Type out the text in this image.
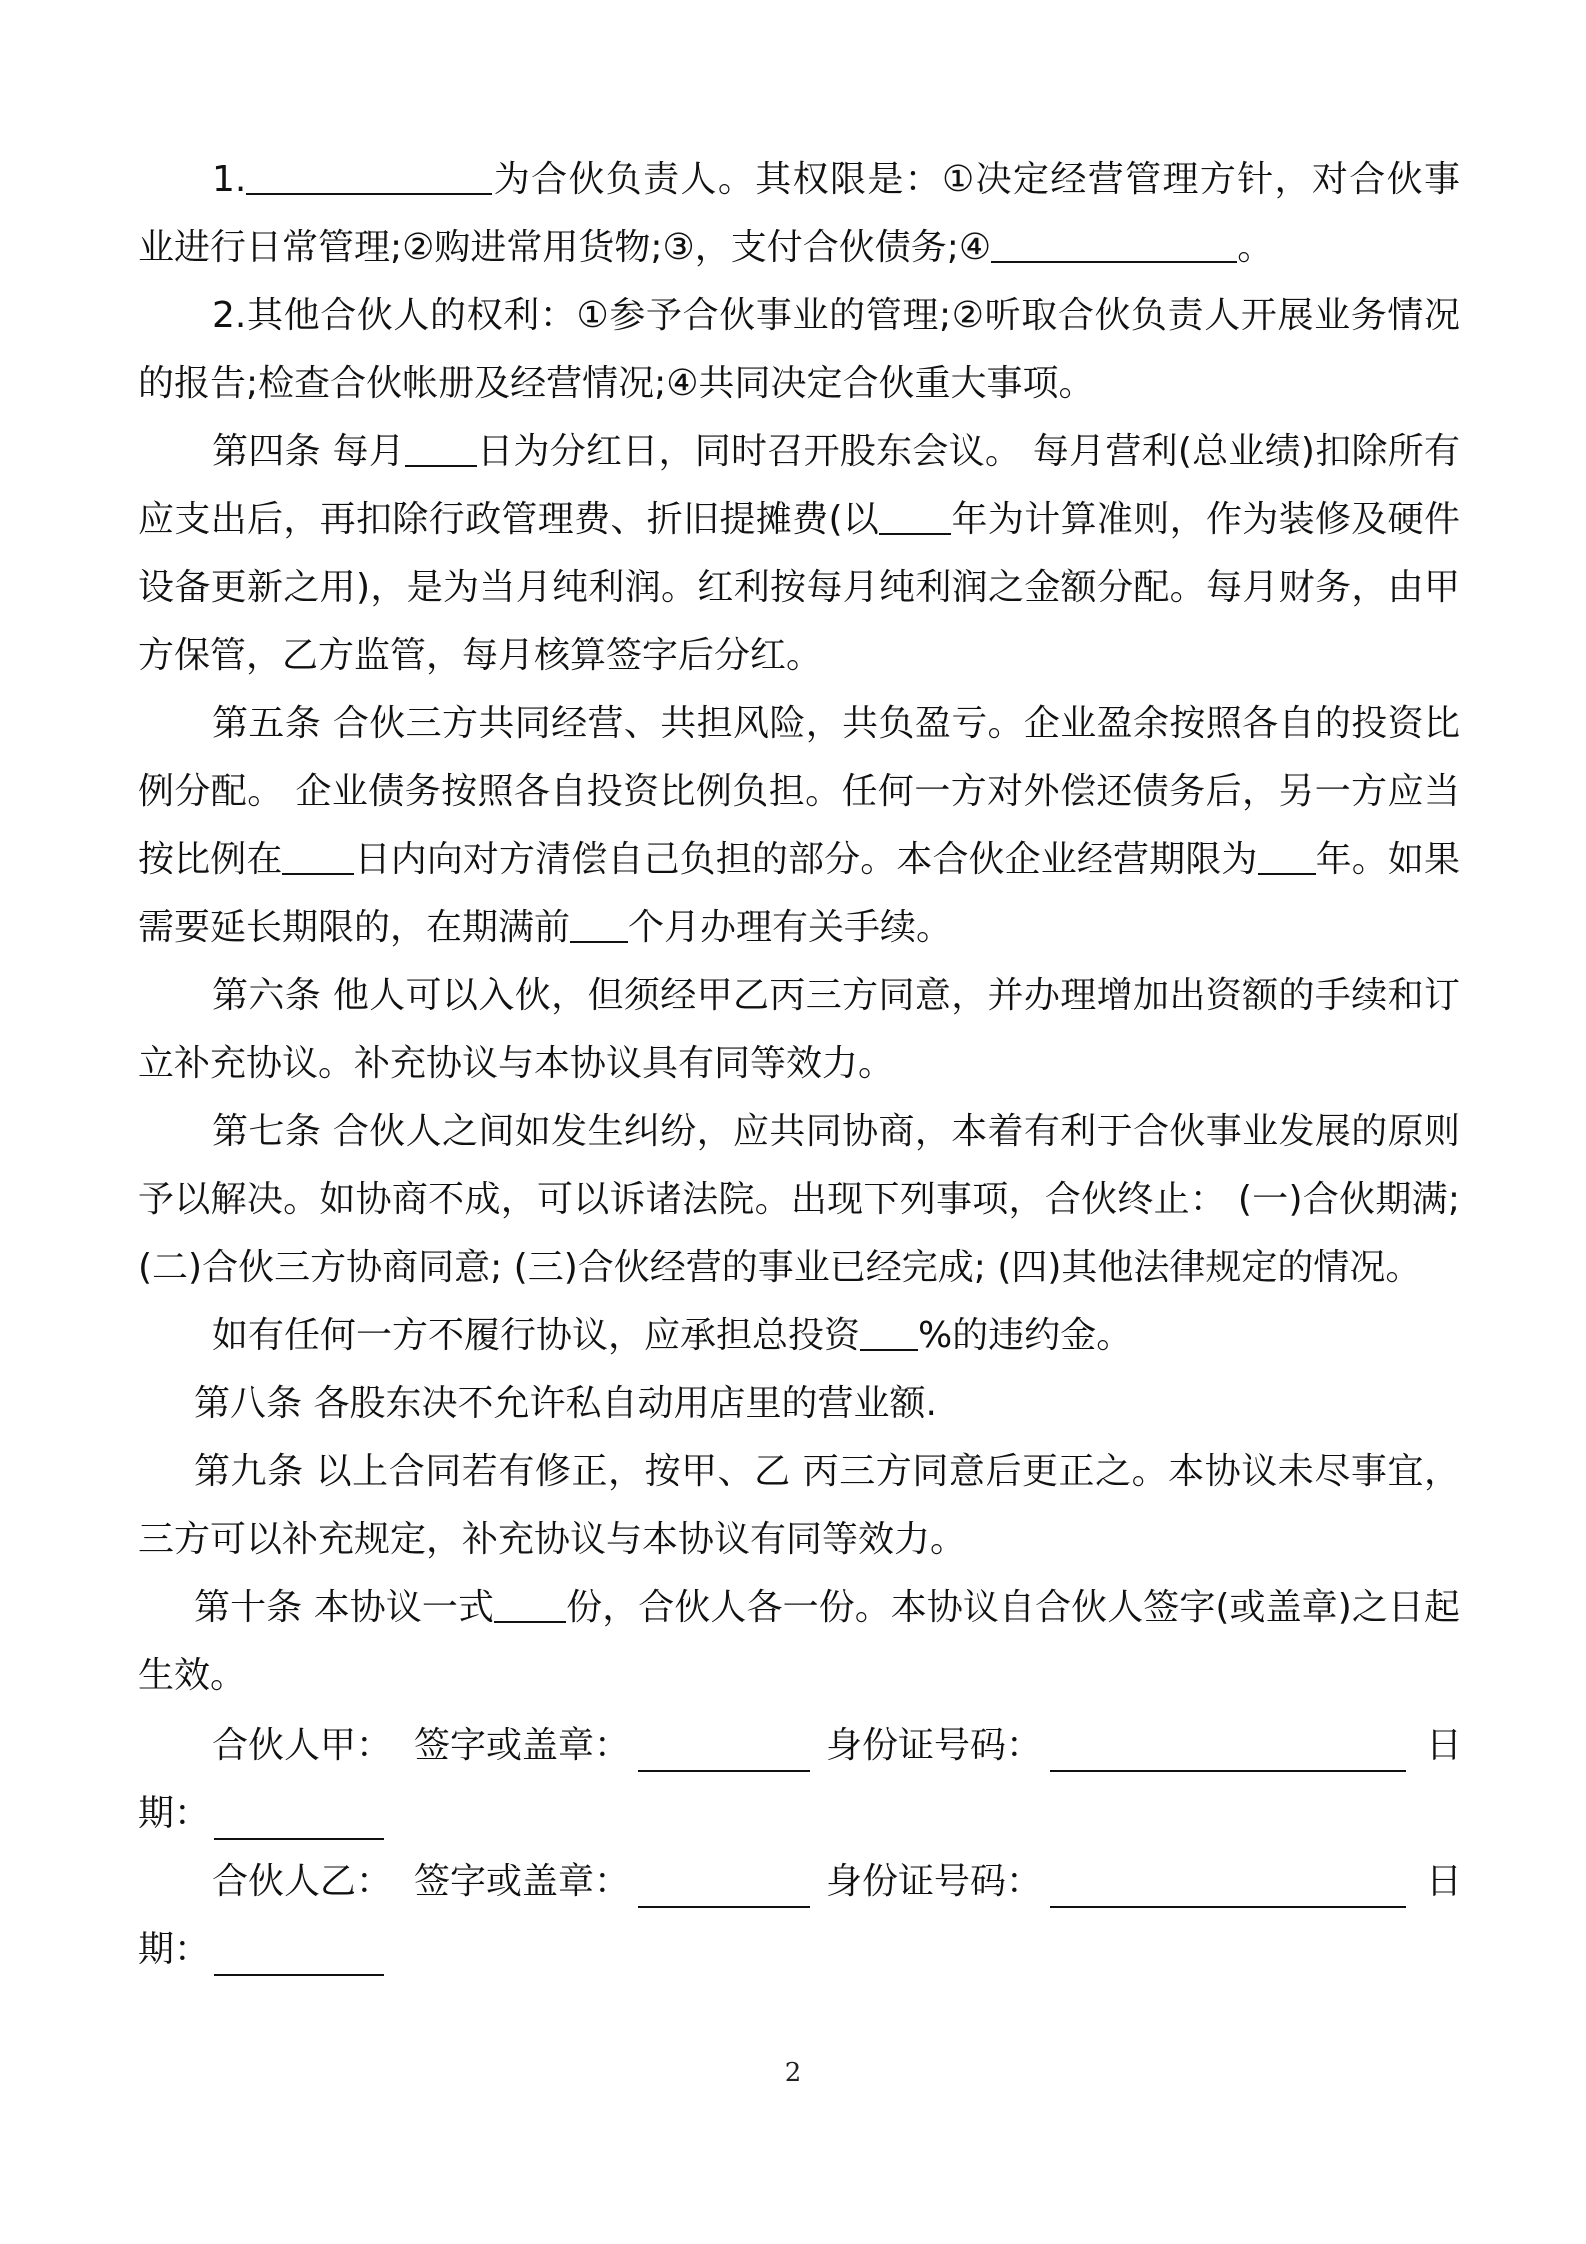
1.	为合伙负责人。其权限是：①决定经营管理方针，对合伙事业进行日常管理;②购进常用货物;③，支付合伙债务;④	。

2.其他合伙人的权利：①参予合伙事业的管理;②听取合伙负责人开展业务情况的报告;检查合伙帐册及经营情况;④共同决定合伙重大事项。

第四条 每月 日为分红日，同时召开股东会议。 每月营利(总业绩)扣除所有应支出后，再扣除行政管理费、折旧提摊费(以 年为计算准则，作为装修及硬件设备更新之用)，是为当月纯利润。红利按每月纯利润之金额分配。每月财务，由甲方保管，乙方监管，每月核算签字后分红。

第五条 合伙三方共同经营、共担风险，共负盈亏。企业盈余按照各自的投资比例分配。 企业债务按照各自投资比例负担。任何一方对外偿还债务后，另一方应当按比例在 日内向对方清偿自己负担的部分。本合伙企业经营期限为 年。如果需要延长期限的，在期满前 个月办理有关手续。

第六条 他人可以入伙，但须经甲乙丙三方同意，并办理增加出资额的手续和订立补充协议。补充协议与本协议具有同等效力。

第七条 合伙人之间如发生纠纷，应共同协商，本着有利于合伙事业发展的原则予以解决。如协商不成，可以诉诸法院。出现下列事项，合伙终止： (一)合伙期满; (二)合伙三方协商同意; (三)合伙经营的事业已经完成; (四)其他法律规定的情况。

如有任何一方不履行协议，应承担总投资 %的违约金。

第八条 各股东决不允许私自动用店里的营业额.

第九条 以上合同若有修正，按甲、乙 丙三方同意后更正之。本协议未尽事宜，三方可以补充规定，补充协议与本协议有同等效力。

第十条 本协议一式 份，合伙人各一份。本协议自合伙人签字(或盖章)之日起生效。

合伙人甲： 签字或盖章：	身份证号码：	日
期：
合伙人乙： 签字或盖章：	身份证号码：	日
期：
2
